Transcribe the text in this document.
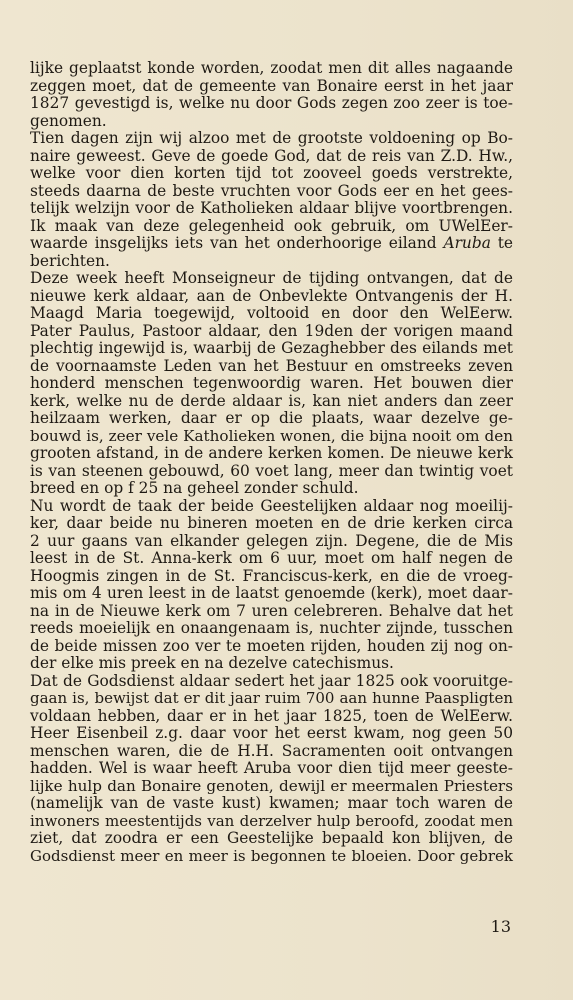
lijke geplaatst konde worden, zoodat men dit alles nagaande
zeggen moet, dat de gemeente van Bonaire eerst in het jaar
1827 gevestigd is, welke nu door Gods zegen zoo zeer is toe-
genomen.
Tien dagen zijn wij alzoo met de grootste voldoening op Bo-
naire geweest. Geve de goede God, dat de reis van Z.D. Hw.,
welke voor dien korten tijd tot zooveel goeds verstrekte,
steeds daarna de beste vruchten voor Gods eer en het gees-
telijk welzijn voor de Katholieken aldaar blijve voortbrengen.
Ik maak van deze gelegenheid ook gebruik, om UWelEer-
waarde insgelijks iets van het onderhoorige eiland Aruba te
berichten.
Deze week heeft Monseigneur de tijding ontvangen, dat de
nieuwe kerk aldaar, aan de Onbevlekte Ontvangenis der H.
Maagd Maria toegewijd, voltooid en door den WelEerw.
Pater Paulus, Pastoor aldaar, den 19den der vorigen maand
plechtig ingewijd is, waarbij de Gezaghebber des eilands met
de voornaamste Leden van het Bestuur en omstreeks zeven
honderd menschen tegenwoordig waren. Het bouwen dier
kerk, welke nu de derde aldaar is, kan niet anders dan zeer
heilzaam werken, daar er op die plaats, waar dezelve ge-
bouwd is, zeer vele Katholieken wonen, die bijna nooit om den
grooten afstand, in de andere kerken komen. De nieuwe kerk
is van steenen gebouwd, 60 voet lang, meer dan twintig voet
breed en op f 25 na geheel zonder schuld.
Nu wordt de taak der beide Geestelijken aldaar nog moeilij-
ker, daar beide nu bineren moeten en de drie kerken circa
2 uur gaans van elkander gelegen zijn. Degene, die de Mis
leest in de St. Anna-kerk om 6 uur, moet om half negen de
Hoogmis zingen in de St. Franciscus-kerk, en die de vroeg-
mis om 4 uren leest in de laatst genoemde (kerk), moet daar-
na in de Nieuwe kerk om 7 uren celebreren. Behalve dat het
reeds moeielijk en onaangenaam is, nuchter zijnde, tusschen
de beide missen zoo ver te moeten rijden, houden zij nog on-
der elke mis preek en na dezelve catechismus.
Dat de Godsdienst aldaar sedert het jaar 1825 ook vooruitge-
gaan is, bewijst dat er dit jaar ruim 700 aan hunne Paaspligten
voldaan hebben, daar er in het jaar 1825, toen de WelEerw.
Heer Eisenbeil z.g. daar voor het eerst kwam, nog geen 50
menschen waren, die de H.H. Sacramenten ooit ontvangen
hadden. Wel is waar heeft Aruba voor dien tijd meer geeste-
lijke hulp dan Bonaire genoten, dewijl er meermalen Priesters
(namelijk van de vaste kust) kwamen; maar toch waren de
inwoners meestentijds van derzelver hulp beroofd, zoodat men
ziet, dat zoodra er een Geestelijke bepaald kon blijven, de
Godsdienst meer en meer is begonnen te bloeien. Door gebrek
13
